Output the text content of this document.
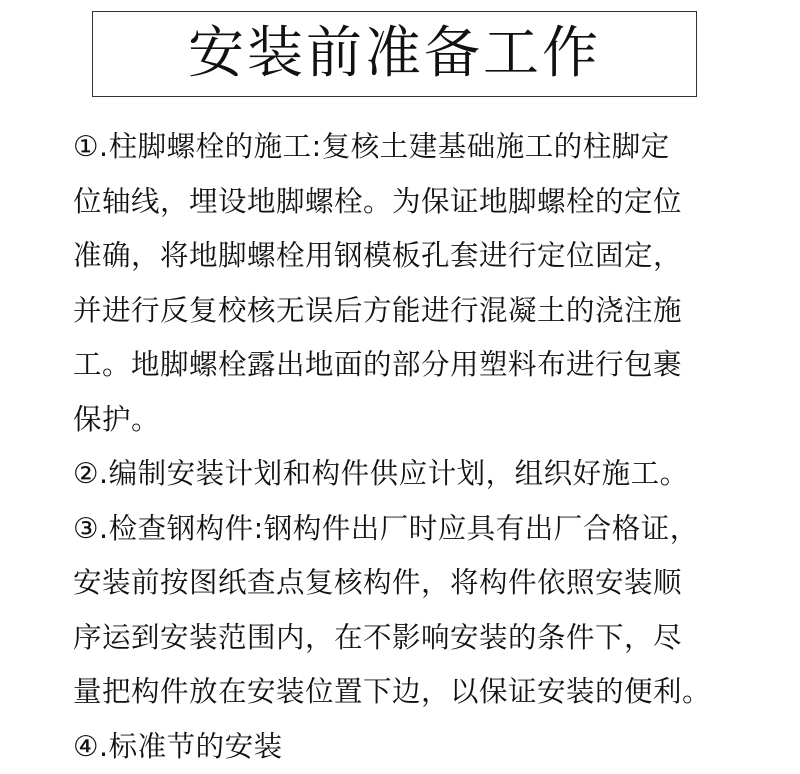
安装前准备工作
①.柱脚螺栓的施工:复核土建基础施工的柱脚定
位轴线，埋设地脚螺栓。为保证地脚螺栓的定位
准确，将地脚螺栓用钢模板孔套进行定位固定，
并进行反复校核无误后方能进行混凝土的浇注施
工。地脚螺栓露出地面的部分用塑料布进行包裹
保护。
②.编制安装计划和构件供应计划，组织好施工。
③.检查钢构件:钢构件出厂时应具有出厂合格证，
安装前按图纸查点复核构件，将构件依照安装顺
序运到安装范围内，在不影响安装的条件下，尽
量把构件放在安装位置下边，以保证安装的便利。
④.标准节的安装
